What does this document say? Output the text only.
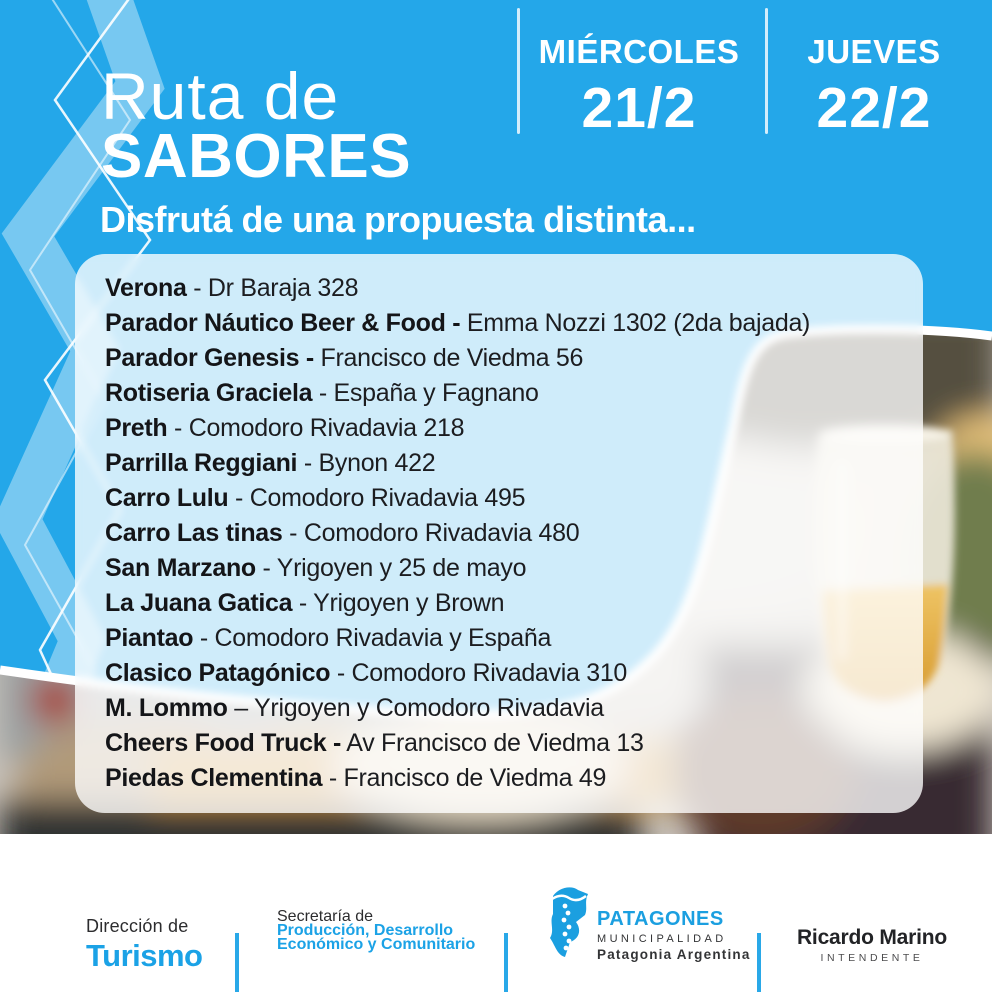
Ruta de
SABORES
Disfrutá de una propuesta distinta...
MIÉRCOLES
21/2
JUEVES
22/2
Verona - Dr Baraja 328
Parador Náutico Beer & Food - Emma Nozzi 1302 (2da bajada)
Parador Genesis - Francisco de Viedma 56
Rotiseria Graciela - España y Fagnano
Preth - Comodoro Rivadavia 218
Parrilla Reggiani - Bynon 422
Carro Lulu - Comodoro Rivadavia 495
Carro Las tinas - Comodoro Rivadavia 480
San Marzano - Yrigoyen y 25 de mayo
La Juana Gatica - Yrigoyen y Brown
Piantao - Comodoro Rivadavia y España
Clasico Patagónico - Comodoro Rivadavia 310
M. Lommo – Yrigoyen y Comodoro Rivadavia
Cheers Food Truck - Av Francisco de Viedma 13
Piedas Clementina - Francisco de Viedma 49
Dirección de
Turismo
Secretaría de
Producción, Desarrollo
Económico y Comunitario
PATAGONES
MUNICIPALIDAD
Patagonia Argentina
Ricardo Marino
INTENDENTE
